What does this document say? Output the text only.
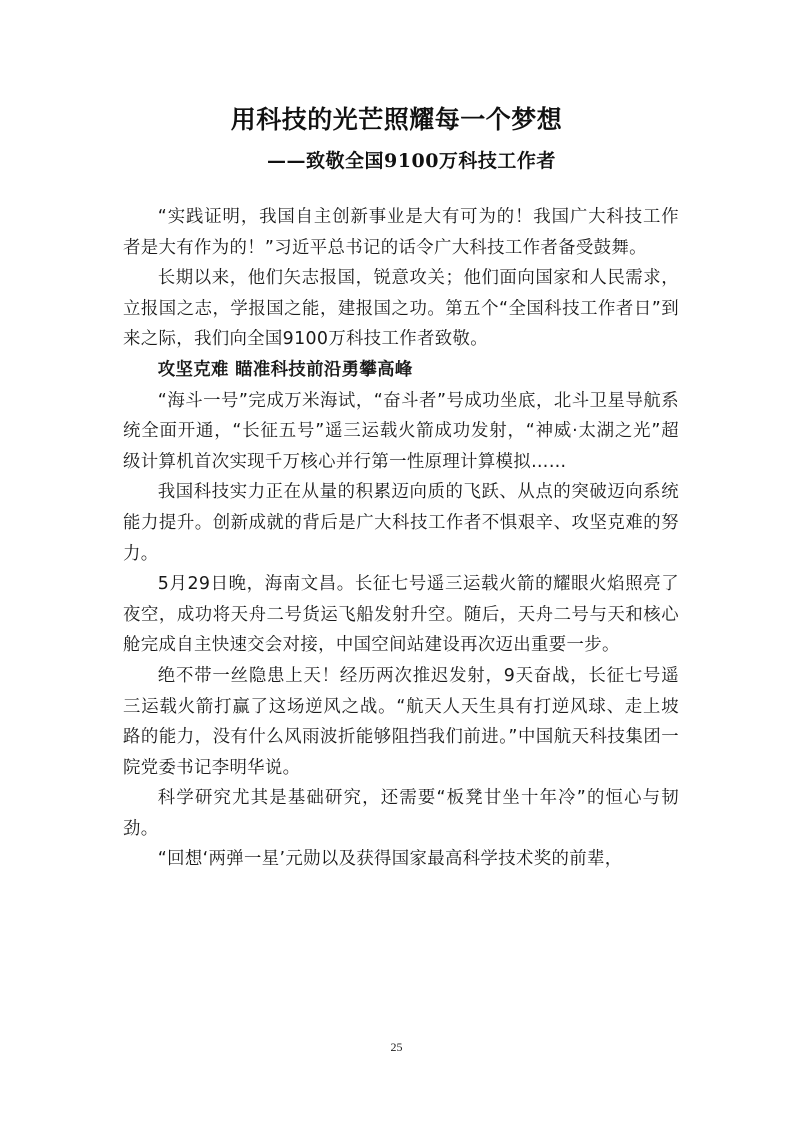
用科技的光芒照耀每一个梦想
——致敬全国9100万科技工作者

“实践证明，我国自主创新事业是大有可为的！我国广大科技工作者是大有作为的！”习近平总书记的话令广大科技工作者备受鼓舞。

长期以来，他们矢志报国，锐意攻关；他们面向国家和人民需求，立报国之志，学报国之能，建报国之功。第五个“全国科技工作者日”到来之际，我们向全国9100万科技工作者致敬。

攻坚克难 瞄准科技前沿勇攀高峰

“海斗一号”完成万米海试，“奋斗者”号成功坐底，北斗卫星导航系统全面开通，“长征五号”遥三运载火箭成功发射，“神威·太湖之光”超级计算机首次实现千万核心并行第一性原理计算模拟……

我国科技实力正在从量的积累迈向质的飞跃、从点的突破迈向系统能力提升。创新成就的背后是广大科技工作者不惧艰辛、攻坚克难的努力。

5月29日晚，海南文昌。长征七号遥三运载火箭的耀眼火焰照亮了夜空，成功将天舟二号货运飞船发射升空。随后，天舟二号与天和核心舱完成自主快速交会对接，中国空间站建设再次迈出重要一步。

绝不带一丝隐患上天！经历两次推迟发射，9天奋战，长征七号遥三运载火箭打赢了这场逆风之战。“航天人天生具有打逆风球、走上坡路的能力，没有什么风雨波折能够阻挡我们前进。”中国航天科技集团一院党委书记李明华说。

科学研究尤其是基础研究，还需要“板凳甘坐十年冷”的恒心与韧劲。

“回想‘两弹一星’元勋以及获得国家最高科学技术奖的前辈，

25
